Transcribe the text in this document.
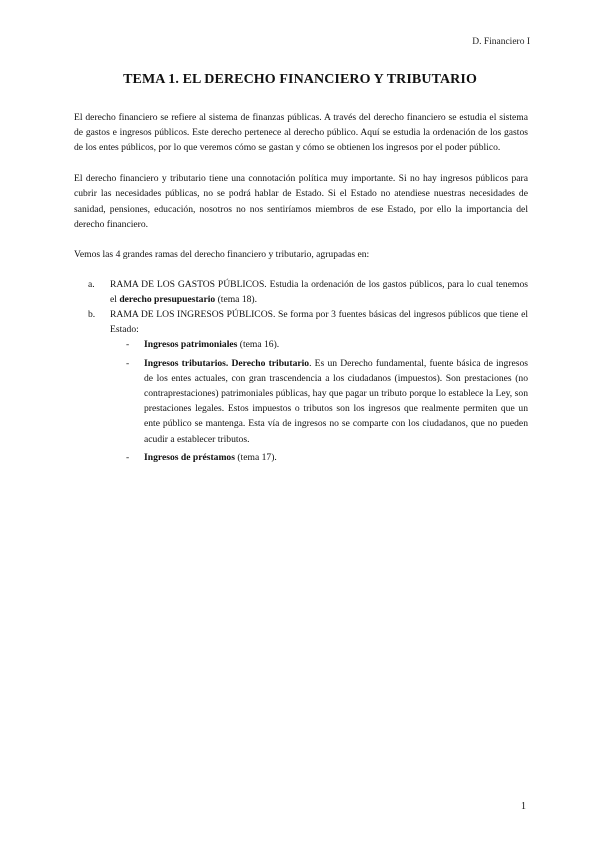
D. Financiero I
TEMA 1. EL DERECHO FINANCIERO Y TRIBUTARIO

El derecho financiero se refiere al sistema de finanzas públicas. A través del derecho financiero se estudia el sistema de gastos e ingresos públicos. Este derecho pertenece al derecho público. Aquí se estudia la ordenación de los gastos de los entes públicos, por lo que veremos cómo se gastan y cómo se obtienen los ingresos por el poder público.

El derecho financiero y tributario tiene una connotación política muy importante. Si no hay ingresos públicos para cubrir las necesidades públicas, no se podrá hablar de Estado. Si el Estado no atendiese nuestras necesidades de sanidad, pensiones, educación, nosotros no nos sentiríamos miembros de ese Estado, por ello la importancia del derecho financiero.

Vemos las 4 grandes ramas del derecho financiero y tributario, agrupadas en:

a. RAMA DE LOS GASTOS PÚBLICOS. Estudia la ordenación de los gastos públicos, para lo cual tenemos el derecho presupuestario (tema 18).
b. RAMA DE LOS INGRESOS PÚBLICOS. Se forma por 3 fuentes básicas del ingresos públicos que tiene el Estado:
- Ingresos patrimoniales (tema 16).
- Ingresos tributarios. Derecho tributario. Es un Derecho fundamental, fuente básica de ingresos de los entes actuales, con gran trascendencia a los ciudadanos (impuestos). Son prestaciones (no contraprestaciones) patrimoniales públicas, hay que pagar un tributo porque lo establece la Ley, son prestaciones legales. Estos impuestos o tributos son los ingresos que realmente permiten que un ente público se mantenga. Esta vía de ingresos no se comparte con los ciudadanos, que no pueden acudir a establecer tributos.
- Ingresos de préstamos (tema 17).
1
